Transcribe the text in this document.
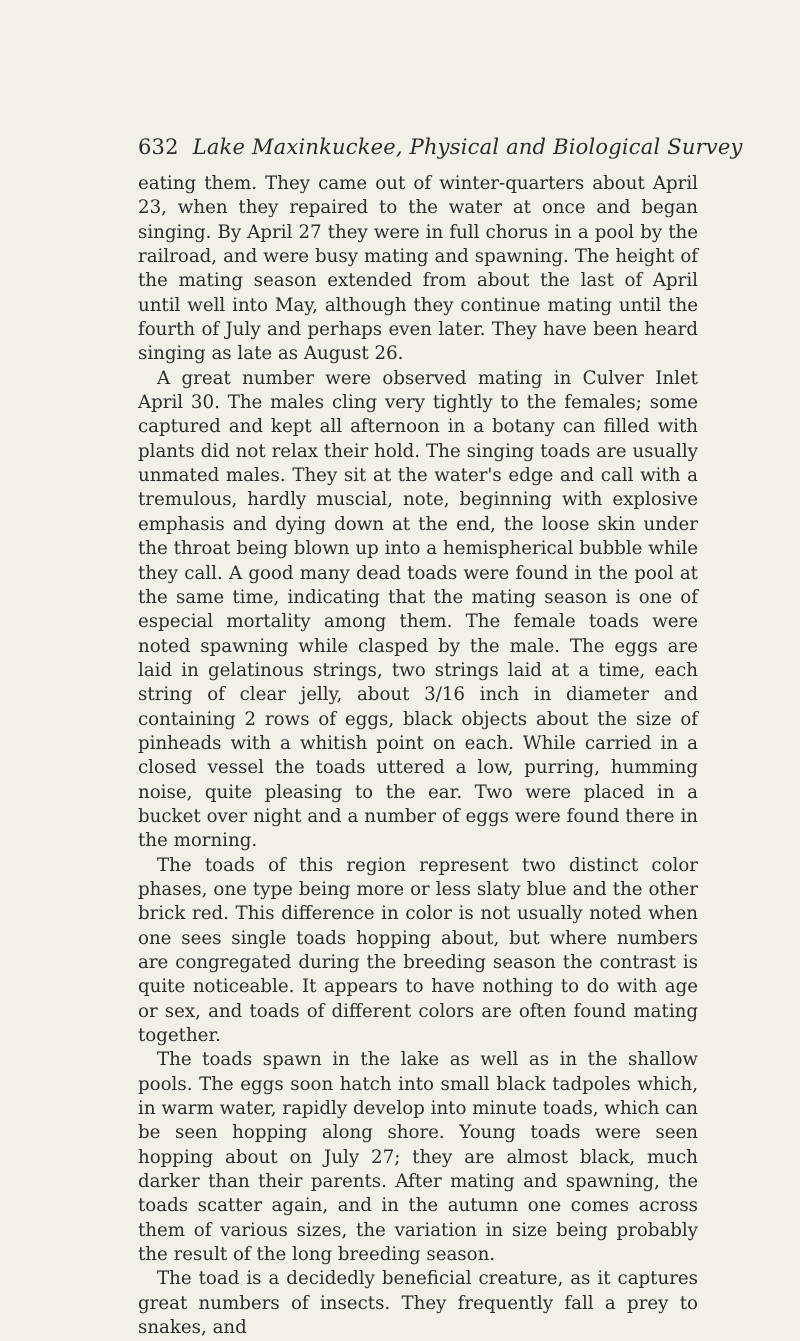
632 Lake Maxinkuckee, Physical and Biological Survey

eating them. They came out of winter-quarters about April 23, when they repaired to the water at once and began singing. By April 27 they were in full chorus in a pool by the railroad, and were busy mating and spawning. The height of the mating season extended from about the last of April until well into May, although they continue mating until the fourth of July and perhaps even later. They have been heard singing as late as August 26.

A great number were observed mating in Culver Inlet April 30. The males cling very tightly to the females; some captured and kept all afternoon in a botany can filled with plants did not relax their hold. The singing toads are usually unmated males. They sit at the water's edge and call with a tremulous, hardly muscial, note, beginning with explosive emphasis and dying down at the end, the loose skin under the throat being blown up into a hemispherical bubble while they call. A good many dead toads were found in the pool at the same time, indicating that the mating season is one of especial mortality among them. The female toads were noted spawning while clasped by the male. The eggs are laid in gelatinous strings, two strings laid at a time, each string of clear jelly, about 3/16 inch in diameter and containing 2 rows of eggs, black objects about the size of pinheads with a whitish point on each. While carried in a closed vessel the toads uttered a low, purring, humming noise, quite pleasing to the ear. Two were placed in a bucket over night and a number of eggs were found there in the morning.

The toads of this region represent two distinct color phases, one type being more or less slaty blue and the other brick red. This difference in color is not usually noted when one sees single toads hopping about, but where numbers are congregated during the breeding season the contrast is quite noticeable. It appears to have nothing to do with age or sex, and toads of different colors are often found mating together.

The toads spawn in the lake as well as in the shallow pools. The eggs soon hatch into small black tadpoles which, in warm water, rapidly develop into minute toads, which can be seen hopping along shore. Young toads were seen hopping about on July 27; they are almost black, much darker than their parents. After mating and spawning, the toads scatter again, and in the autumn one comes across them of various sizes, the variation in size being probably the result of the long breeding season.

The toad is a decidedly beneficial creature, as it captures great numbers of insects. They frequently fall a prey to snakes, and
